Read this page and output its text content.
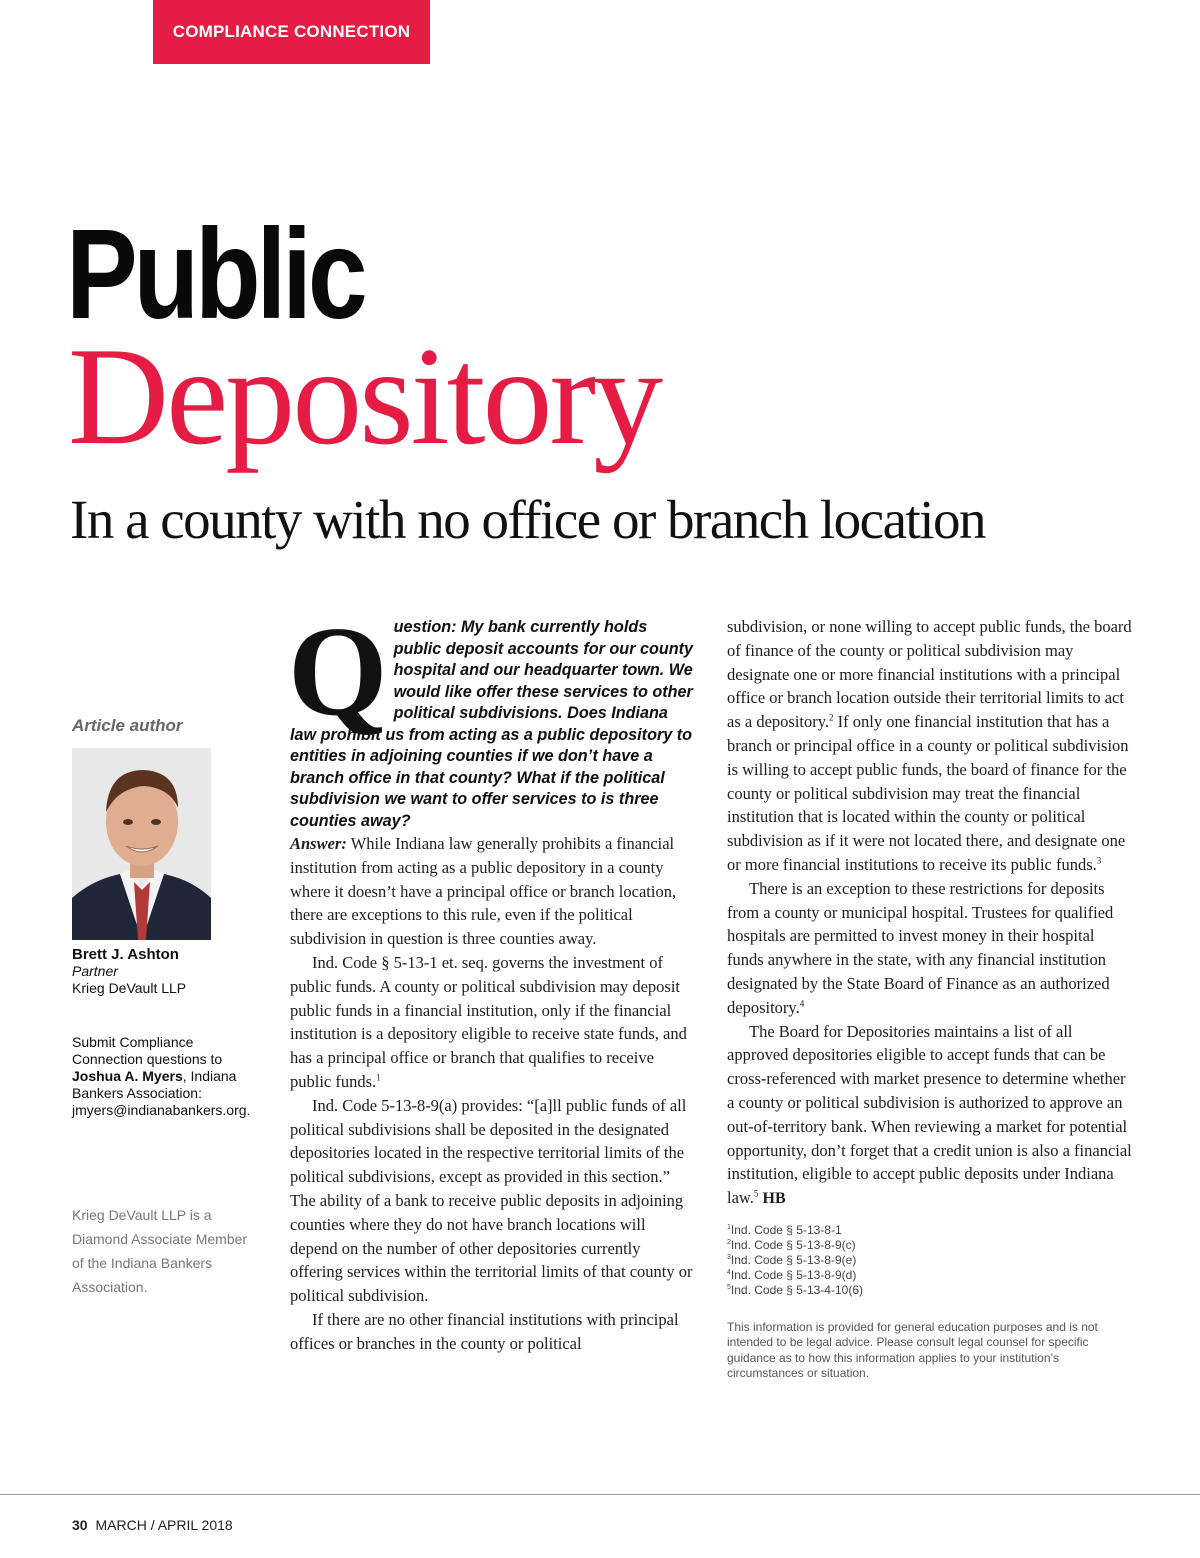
COMPLIANCE CONNECTION
Public
Depository
In a county with no office or branch location
Article author
Brett J. Ashton
Partner
Krieg DeVault LLP
Submit Compliance Connection questions to Joshua A. Myers, Indiana Bankers Association: jmyers@indianabankers.org.
Krieg DeVault LLP is a Diamond Associate Member of the Indiana Bankers Association.

Question: My bank currently holds public deposit accounts for our county hospital and our headquarter town. We would like offer these services to other political subdivisions. Does Indiana law prohibit us from acting as a public depository to entities in adjoining counties if we don’t have a branch office in that county? What if the political subdivision we want to offer services to is three counties away?

Answer: While Indiana law generally prohibits a financial institution from acting as a public depository in a county where it doesn’t have a principal office or branch location, there are exceptions to this rule, even if the political subdivision in question is three counties away.

Ind. Code § 5-13-1 et. seq. governs the investment of public funds. A county or political subdivision may deposit public funds in a financial institution, only if the financial institution is a depository eligible to receive state funds, and has a principal office or branch that qualifies to receive public funds.$^1$

Ind. Code 5-13-8-9(a) provides: “[a]ll public funds of all political subdivisions shall be deposited in the designated depositories located in the respective territorial limits of the political subdivisions, except as provided in this section.” The ability of a bank to receive public deposits in adjoining counties where they do not have branch locations will depend on the number of other depositories currently offering services within the territorial limits of that county or political subdivision.

If there are no other financial institutions with principal offices or branches in the county or political

subdivision, or none willing to accept public funds, the board of finance of the county or political subdivision may designate one or more financial institutions with a principal office or branch location outside their territorial limits to act as a depository.$^2$ If only one financial institution that has a branch or principal office in a county or political subdivision is willing to accept public funds, the board of finance for the county or political subdivision may treat the financial institution that is located within the county or political subdivision as if it were not located there, and designate one or more financial institutions to receive its public funds.$^3$

There is an exception to these restrictions for deposits from a county or municipal hospital. Trustees for qualified hospitals are permitted to invest money in their hospital funds anywhere in the state, with any financial institution designated by the State Board of Finance as an authorized depository.$^4$

The Board for Depositories maintains a list of all approved depositories eligible to accept funds that can be cross-referenced with market presence to determine whether a county or political subdivision is authorized to approve an out-of-territory bank. When reviewing a market for potential opportunity, don’t forget that a credit union is also a financial institution, eligible to accept public deposits under Indiana law.$^5$ HB

$^1$Ind. Code § 5-13-8-1
$^2$Ind. Code § 5-13-8-9(c)
$^3$Ind. Code § 5-13-8-9(e)
$^4$Ind. Code § 5-13-8-9(d)
$^5$Ind. Code § 5-13-4-10(6)
This information is provided for general education purposes and is not intended to be legal advice. Please consult legal counsel for specific guidance as to how this information applies to your institution’s circumstances or situation.
30 MARCH / APRIL 2018
